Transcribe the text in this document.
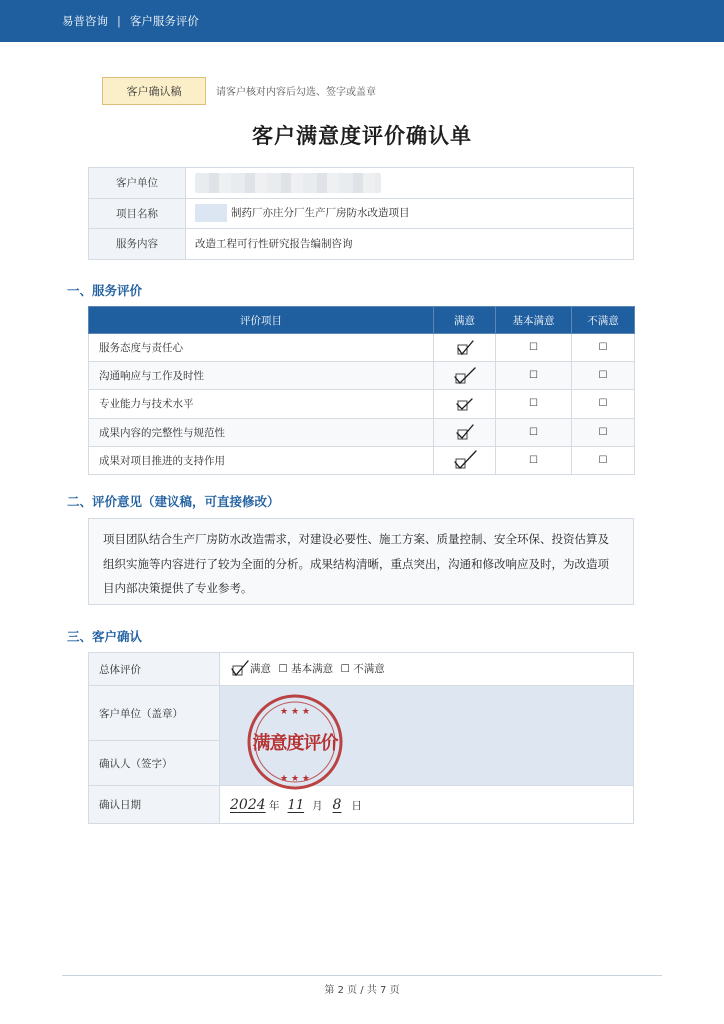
易普咨询 | 客户服务评价
客户确认稿	请客户核对内容后勾选、签字或盖章
客户满意度评价确认单
客户单位	
项目名称	制药厂亦庄分厂生产厂房防水改造项目
服务内容	改造工程可行性研究报告编制咨询
一、服务评价
评价项目	满意	基本满意	不满意
服务态度与责任心		☐	☐
沟通响应与工作及时性		☐	☐
专业能力与技术水平		☐	☐
成果内容的完整性与规范性		☐	☐
成果对项目推进的支持作用		☐	☐
二、评价意见（建议稿，可直接修改）
项目团队结合生产厂房防水改造需求，对建设必要性、施工方案、质量控制、安全环保、投资估算及组织实施等内容进行了较为全面的分析。成果结构清晰，重点突出，沟通和修改响应及时，为改造项目内部决策提供了专业参考。
三、客户确认
总体评价	满意 ☐ 基本满意 ☐ 不满意
客户单位（盖章）	
确认人（签字）	
确认日期	2024 年 11 月 8 日
★ ★ ★
★ ★ ★
满意度评价
第 2 页 / 共 7 页
